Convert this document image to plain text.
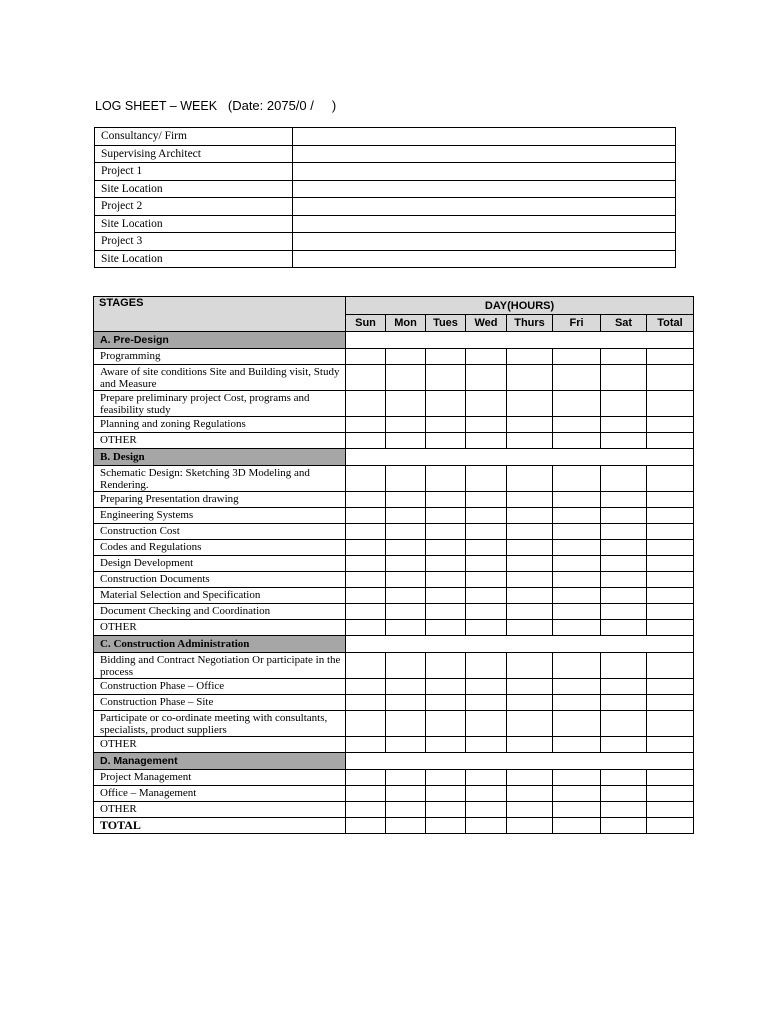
LOG SHEET – WEEK (Date: 2075/0 /     )
Consultancy/ Firm	
Supervising Architect	
Project 1	
Site Location	
Project 2	
Site Location	
Project 3	
Site Location	
STAGES	DAY(HOURS)							
	Sun	Mon	Tues	Wed	Thurs	Fri	Sat	Total
A. Pre-Design								
Programming								
Aware of site conditions Site and Building visit, Study and Measure								
Prepare preliminary project Cost, programs and feasibility study								
Planning and zoning Regulations								
OTHER								
B. Design								
Schematic Design: Sketching 3D Modeling and Rendering.								
Preparing Presentation drawing								
Engineering Systems								
Construction Cost								
Codes and Regulations								
Design Development								
Construction Documents								
Material Selection and Specification								
Document Checking and Coordination								
OTHER								
C. Construction Administration								
Bidding and Contract Negotiation Or participate in the process								
Construction Phase – Office								
Construction Phase – Site								
Participate or co-ordinate meeting with consultants, specialists, product suppliers								
OTHER								
D. Management								
Project Management								
Office – Management								
OTHER								
TOTAL								
